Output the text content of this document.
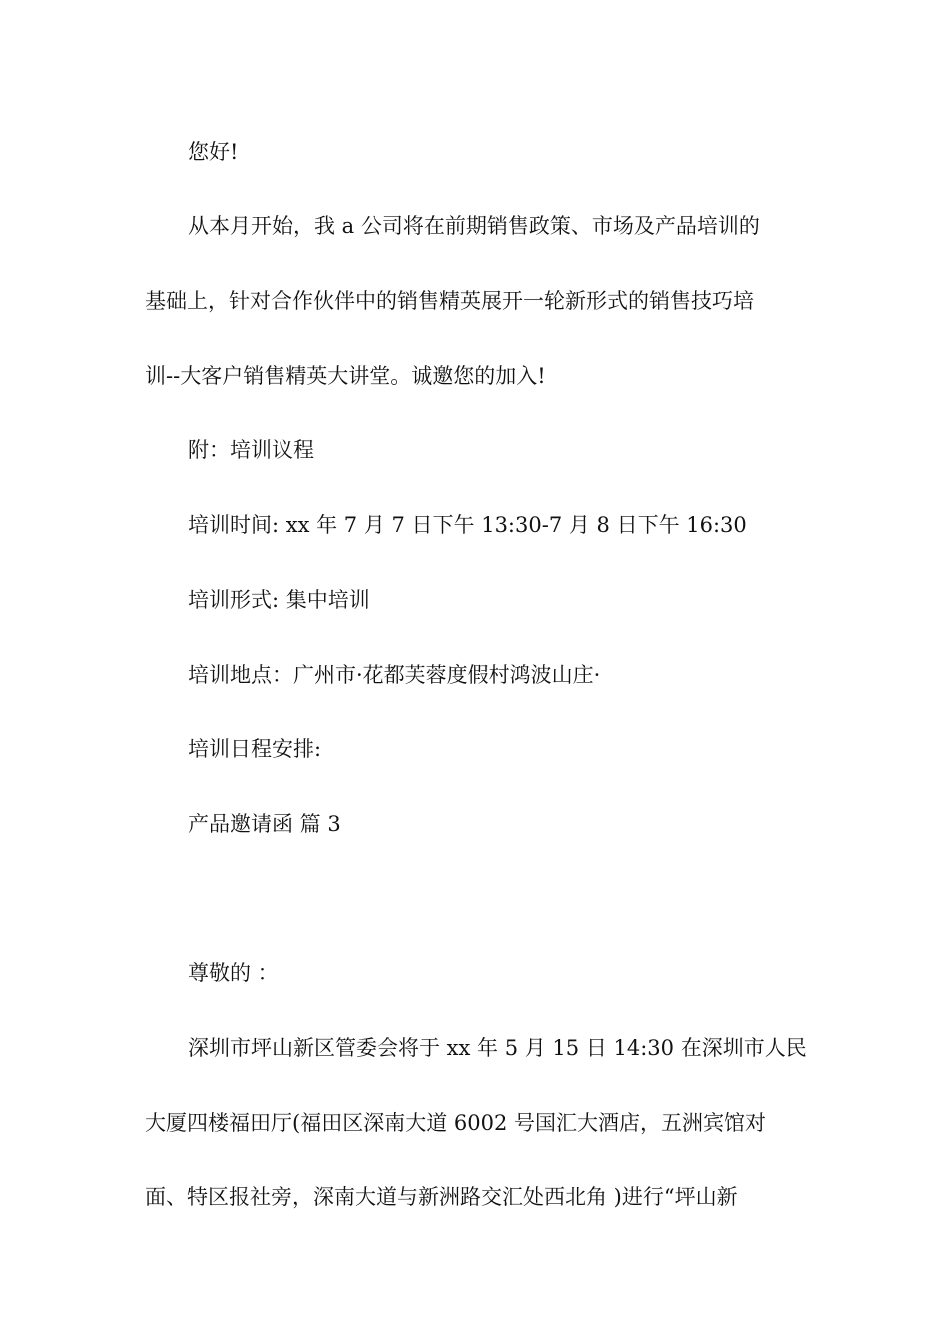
您好!
从本月开始，我 a 公司将在前期销售政策、市场及产品培训的
基础上，针对合作伙伴中的销售精英展开一轮新形式的销售技巧培
训--大客户销售精英大讲堂。诚邀您的加入!
附：培训议程
培训时间: xx 年 7 月 7 日下午 13:30-7 月 8 日下午 16:30
培训形式: 集中培训
培训地点：广州市·花都芙蓉度假村鸿波山庄·
培训日程安排:
产品邀请函 篇 3
尊敬的 ：
深圳市坪山新区管委会将于 xx 年 5 月 15 日 14:30 在深圳市人民
大厦四楼福田厅(福田区深南大道 6002 号国汇大酒店，五洲宾馆对
面、特区报社旁，深南大道与新洲路交汇处西北角 )进行“坪山新
